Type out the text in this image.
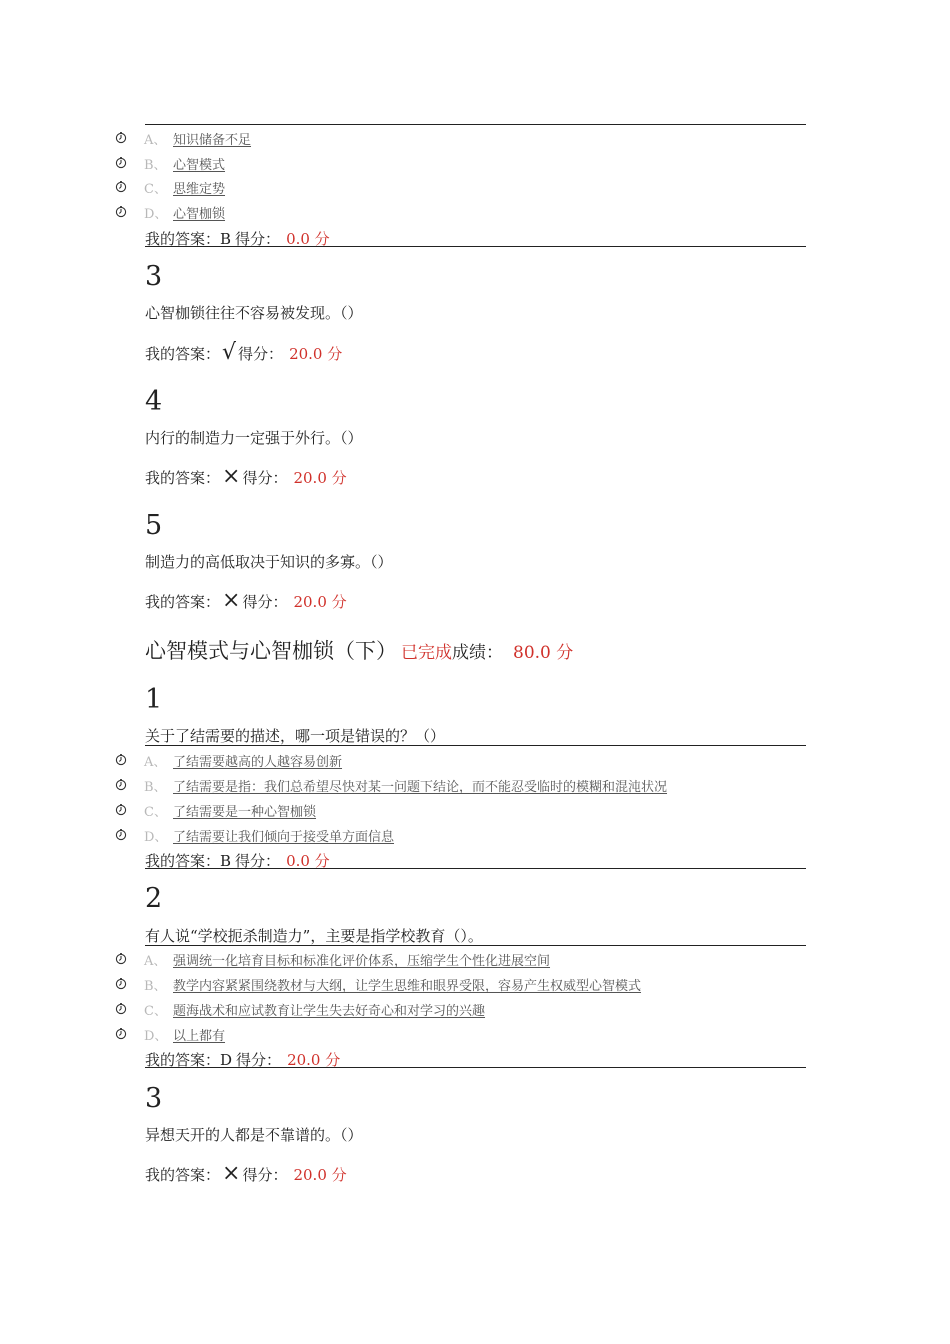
A、 知识储备不足
B、 心智模式
C、 思维定势
D、 心智枷锁
我的答案： B 得分： 0.0 分
3
心智枷锁往往不容易被发现。（）
我的答案： √ 得分： 20.0 分
4
内行的制造力一定强于外行。（）
我的答案： × 得分： 20.0 分
5
制造力的高低取决于知识的多寡。（）
我的答案： × 得分： 20.0 分
心智模式与心智枷锁（下） 已完成 成绩： 80.0 分
1
关于了结需要的描述，哪一项是错误的？（）
A、 了结需要越高的人越容易创新
B、 了结需要是指：我们总希望尽快对某一问题下结论，而不能忍受临时的模糊和混沌状况
C、 了结需要是一种心智枷锁
D、 了结需要让我们倾向于接受单方面信息
我的答案： B 得分： 0.0 分
2
有人说“学校扼杀制造力”，主要是指学校教育（）。
A、 强调统一化培育目标和标准化评价体系，压缩学生个性化进展空间
B、 教学内容紧紧围绕教材与大纲，让学生思维和眼界受限，容易产生权威型心智模式
C、 题海战术和应试教育让学生失去好奇心和对学习的兴趣
D、 以上都有
我的答案： D 得分： 20.0 分
3
异想天开的人都是不靠谱的。（）
我的答案： × 得分： 20.0 分
